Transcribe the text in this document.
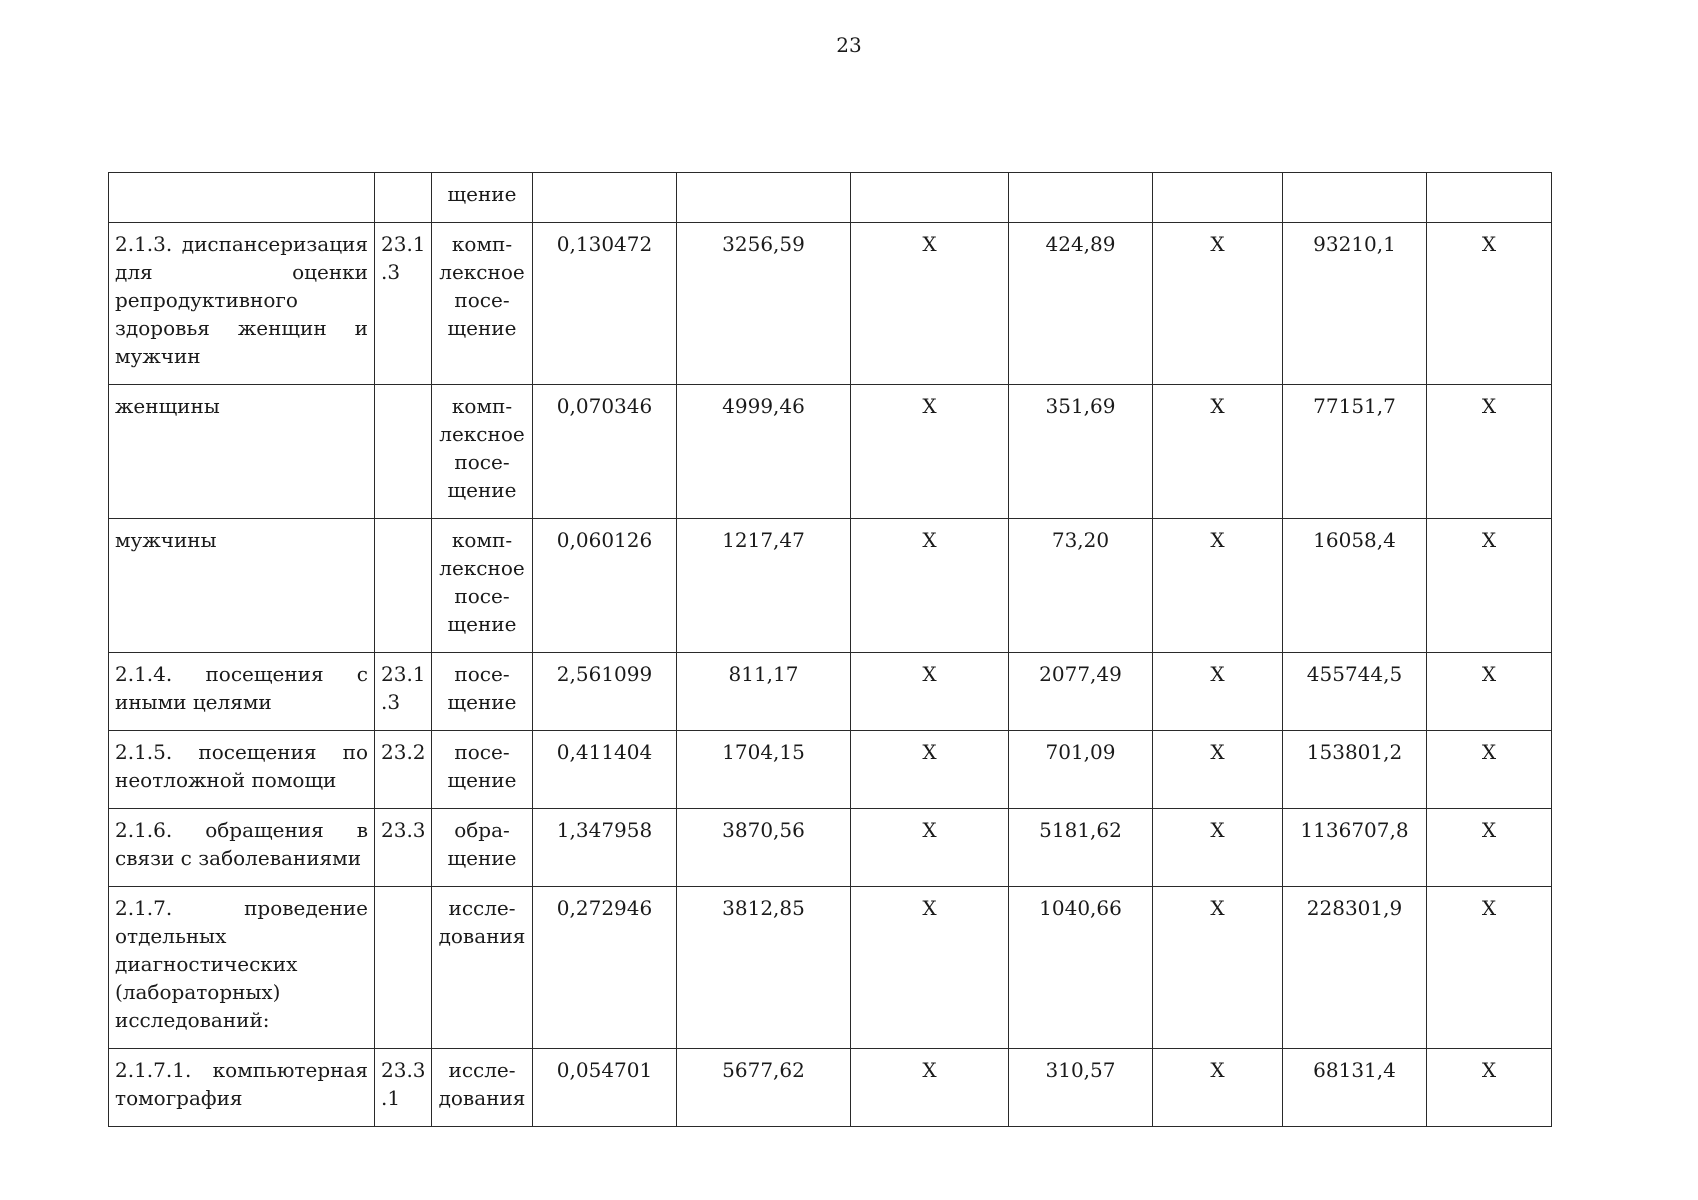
23
		щение							

2.1.3. диспансеризация для оценки репродуктивного здоровья женщин и мужчин	23.1
.3	комп-
лексное
посе-
щение	0,130472	3256,59	X	424,89	X	93210,1	X

женщины		комп-
лексное
посе-
щение	0,070346	4999,46	X	351,69	X	77151,7	X

мужчины		комп-
лексное
посе-
щение	0,060126	1217,47	X	73,20	X	16058,4	X

2.1.4. посещения с иными целями	23.1
.3	посе-
щение	2,561099	811,17	X	2077,49	X	455744,5	X

2.1.5. посещения по неотложной помощи	23.2	посе-
щение	0,411404	1704,15	X	701,09	X	153801,2	X

2.1.6. обращения в связи с заболеваниями	23.3	обра-
щение	1,347958	3870,56	X	5181,62	X	1136707,8	X

2.1.7. проведение отдельных диагностических (лабораторных) исследований:		иссле-
дования	0,272946	3812,85	X	1040,66	X	228301,9	X

2.1.7.1. компьютерная томография	23.3
.1	иссле-
дования	0,054701	5677,62	X	310,57	X	68131,4	X
